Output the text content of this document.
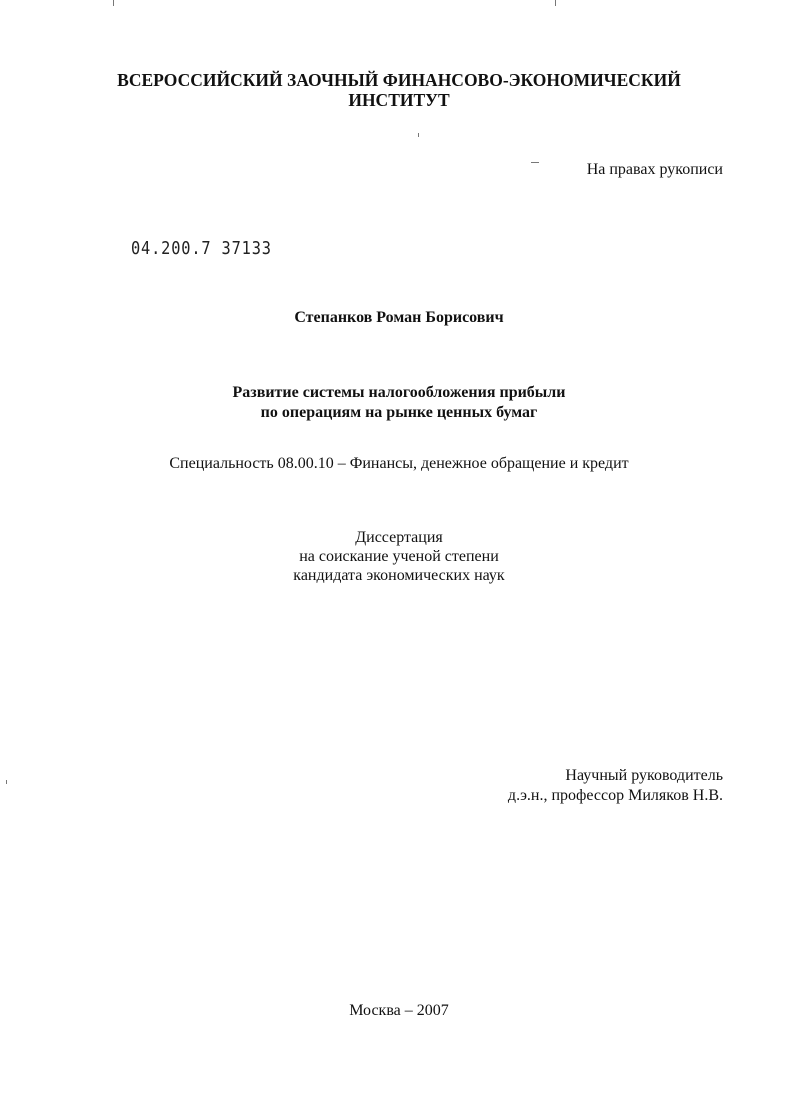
ВСЕРОССИЙСКИЙ ЗАОЧНЫЙ ФИНАНСОВО-ЭКОНОМИЧЕСКИЙ
ИНСТИТУТ
На правах рукописи
04.200.7 37133
Степанков Роман Борисович
Развитие системы налогообложения прибыли
по операциям на рынке ценных бумаг
Специальность 08.00.10 – Финансы, денежное обращение и кредит
Диссертация
на соискание ученой степени
кандидата экономических наук
Научный руководитель
д.э.н., профессор Миляков Н.В.
Москва – 2007
